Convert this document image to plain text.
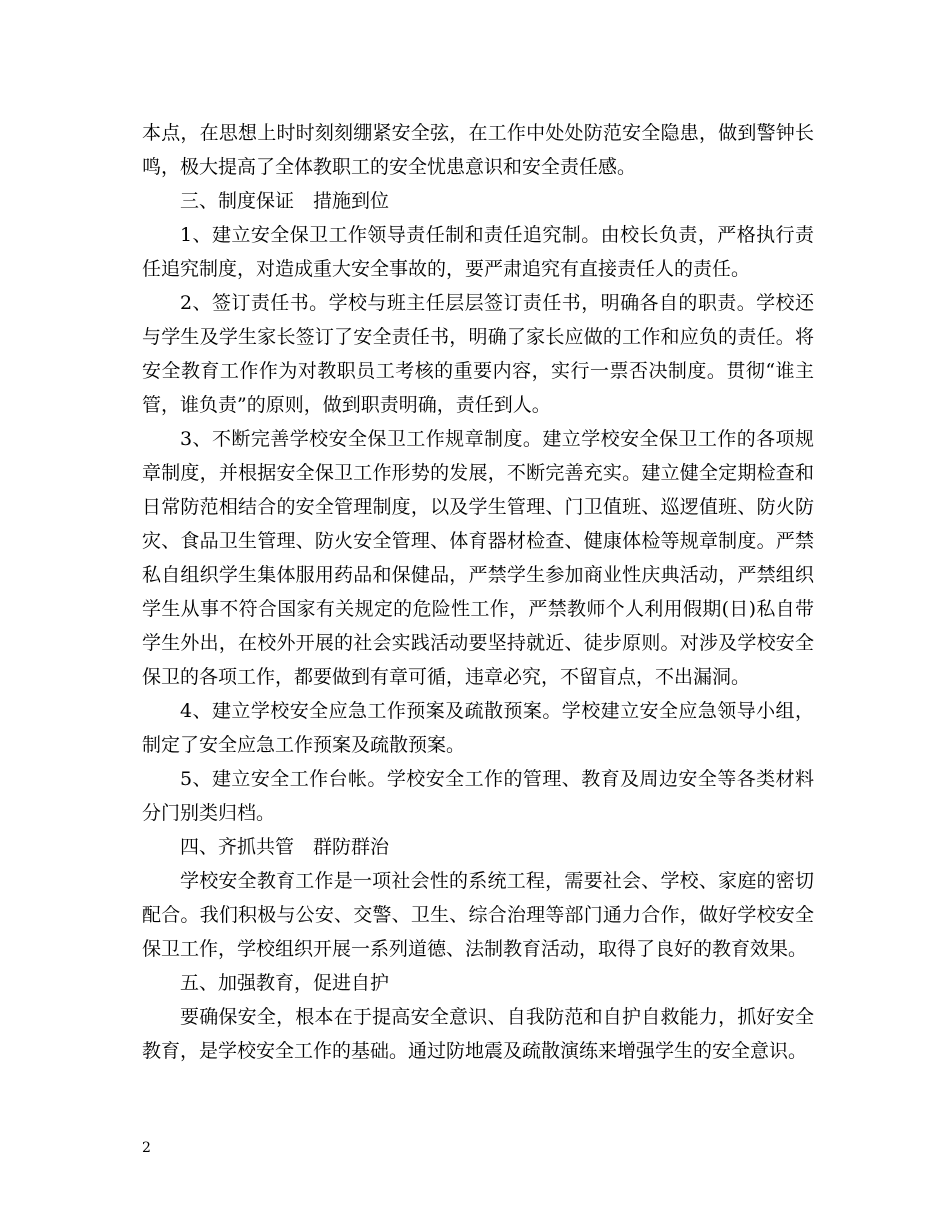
本点，在思想上时时刻刻绷紧安全弦，在工作中处处防范安全隐患，做到警钟长鸣，极大提高了全体教职工的安全忧患意识和安全责任感。

三、制度保证　措施到位

1、建立安全保卫工作领导责任制和责任追究制。由校长负责，严格执行责任追究制度，对造成重大安全事故的，要严肃追究有直接责任人的责任。

2、签订责任书。学校与班主任层层签订责任书，明确各自的职责。学校还与学生及学生家长签订了安全责任书，明确了家长应做的工作和应负的责任。将安全教育工作作为对教职员工考核的重要内容，实行一票否决制度。贯彻“谁主管，谁负责”的原则，做到职责明确，责任到人。

3、不断完善学校安全保卫工作规章制度。建立学校安全保卫工作的各项规章制度，并根据安全保卫工作形势的发展，不断完善充实。建立健全定期检查和日常防范相结合的安全管理制度，以及学生管理、门卫值班、巡逻值班、防火防灾、食品卫生管理、防火安全管理、体育器材检查、健康体检等规章制度。严禁私自组织学生集体服用药品和保健品，严禁学生参加商业性庆典活动，严禁组织学生从事不符合国家有关规定的危险性工作，严禁教师个人利用假期(日)私自带学生外出，在校外开展的社会实践活动要坚持就近、徒步原则。对涉及学校安全保卫的各项工作，都要做到有章可循，违章必究，不留盲点，不出漏洞。

4、建立学校安全应急工作预案及疏散预案。学校建立安全应急领导小组，制定了安全应急工作预案及疏散预案。

5、建立安全工作台帐。学校安全工作的管理、教育及周边安全等各类材料分门别类归档。

四、齐抓共管　群防群治

学校安全教育工作是一项社会性的系统工程，需要社会、学校、家庭的密切配合。我们积极与公安、交警、卫生、综合治理等部门通力合作，做好学校安全保卫工作，学校组织开展一系列道德、法制教育活动，取得了良好的教育效果。

五、加强教育，促进自护

要确保安全，根本在于提高安全意识、自我防范和自护自救能力，抓好安全教育，是学校安全工作的基础。通过防地震及疏散演练来增强学生的安全意识。

2
